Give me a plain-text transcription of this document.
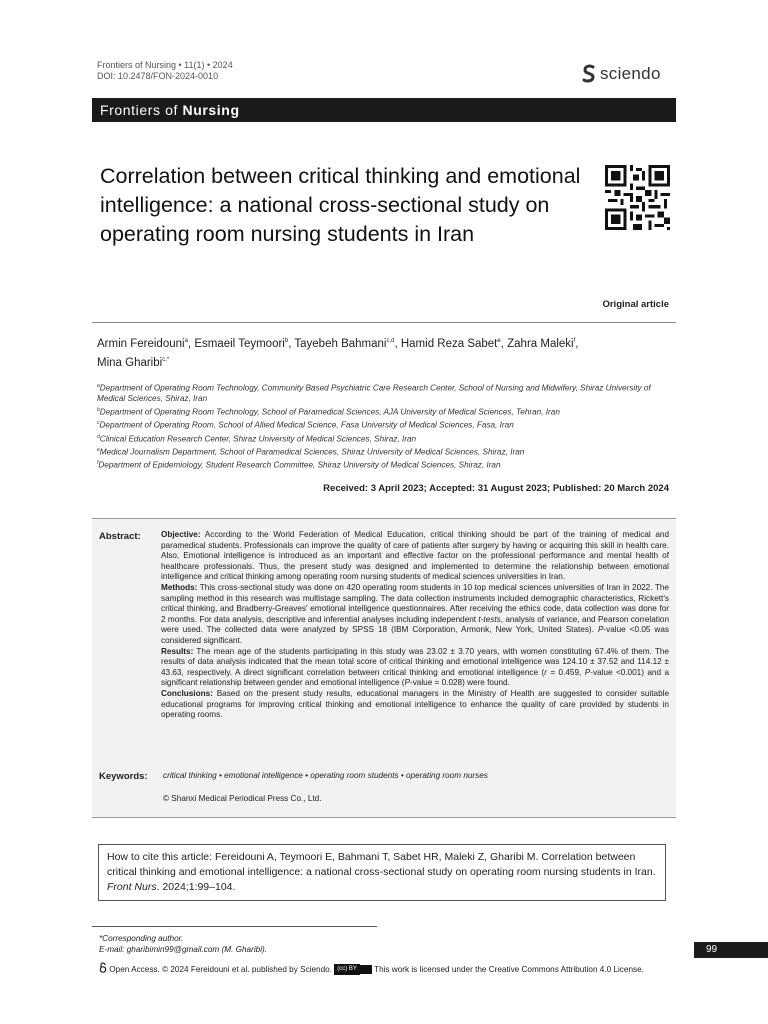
Frontiers of Nursing • 11(1) • 2024
DOI: 10.2478/FON-2024-0010	sciendo
Frontiers of Nursing
Correlation between critical thinking and emotional intelligence: a national cross-sectional study on operating room nursing students in Iran
Original article
Armin Fereidouni$^a$, Esmaeil Teymoori$^b$, Tayebeh Bahmani$^{c,d}$, Hamid Reza Sabet$^e$, Zahra Maleki$^f$,
Mina Gharibi$^{c,*}$
$^a$Department of Operating Room Technology, Community Based Psychiatric Care Research Center, School of Nursing and Midwifery, Shiraz University of Medical Sciences, Shiraz, Iran
$^b$Department of Operating Room Technology, School of Paramedical Sciences, AJA University of Medical Sciences, Tehran, Iran
$^c$Department of Operating Room, School of Allied Medical Science, Fasa University of Medical Sciences, Fasa, Iran
$^d$Clinical Education Research Center, Shiraz University of Medical Sciences, Shiraz, Iran
$^e$Medical Journalism Department, School of Paramedical Sciences, Shiraz University of Medical Sciences, Shiraz, Iran
$^f$Department of Epidemiology, Student Research Committee, Shiraz University of Medical Sciences, Shiraz, Iran
Received: 3 April 2023; Accepted: 31 August 2023; Published: 20 March 2024
Abstract: Objective: According to the World Federation of Medical Education, critical thinking should be part of the training of medical and paramedical students. Professionals can improve the quality of care of patients after surgery by having or acquiring this skill in health care. Also, Emotional intelligence is introduced as an important and effective factor on the professional performance and mental health of healthcare professionals. Thus, the present study was designed and implemented to determine the relationship between emotional intelligence and critical thinking among operating room nursing students of medical sciences universities in Iran.

Methods: This cross-sectional study was done on 420 operating room students in 10 top medical sciences universities of Iran in 2022. The sampling method in this research was multistage sampling. The data collection instruments included demographic characteristics, Rickett's critical thinking, and Bradberry-Greaves' emotional intelligence questionnaires. After receiving the ethics code, data collection was done for 2 months. For data analysis, descriptive and inferential analyses including independent t-tests, analysis of variance, and Pearson correlation were used. The collected data were analyzed by SPSS 18 (IBM Corporation, Armonk, New York, United States). P-value <0.05 was considered significant.

Results: The mean age of the students participating in this study was 23.02 ± 3.70 years, with women constituting 67.4% of them. The results of data analysis indicated that the mean total score of critical thinking and emotional intelligence was 124.10 ± 37.52 and 114.12 ± 43.63, respectively. A direct significant correlation between critical thinking and emotional intelligence (r = 0.459, P-value <0.001) and a significant relationship between gender and emotional intelligence (P-value = 0.028) were found.

Conclusions: Based on the present study results, educational managers in the Ministry of Health are suggested to consider suitable educational programs for improving critical thinking and emotional intelligence to enhance the quality of care provided by students in operating rooms.

Keywords: critical thinking • emotional intelligence • operating room students • operating room nurses
© Shanxi Medical Periodical Press Co., Ltd.
How to cite this article: Fereidouni A, Teymoori E, Bahmani T, Sabet HR, Maleki Z, Gharibi M. Correlation between critical thinking and emotional intelligence: a national cross-sectional study on operating room nursing students in Iran. Front Nurs. 2024;1:99–104.
*Corresponding author.
E-mail: gharibimin99@gmail.com (M. Gharibi).
Open Access. © 2024 Fereidouni et al. published by Sciendo. (cc) BY This work is licensed under the Creative Commons Attribution 4.0 License.
99
